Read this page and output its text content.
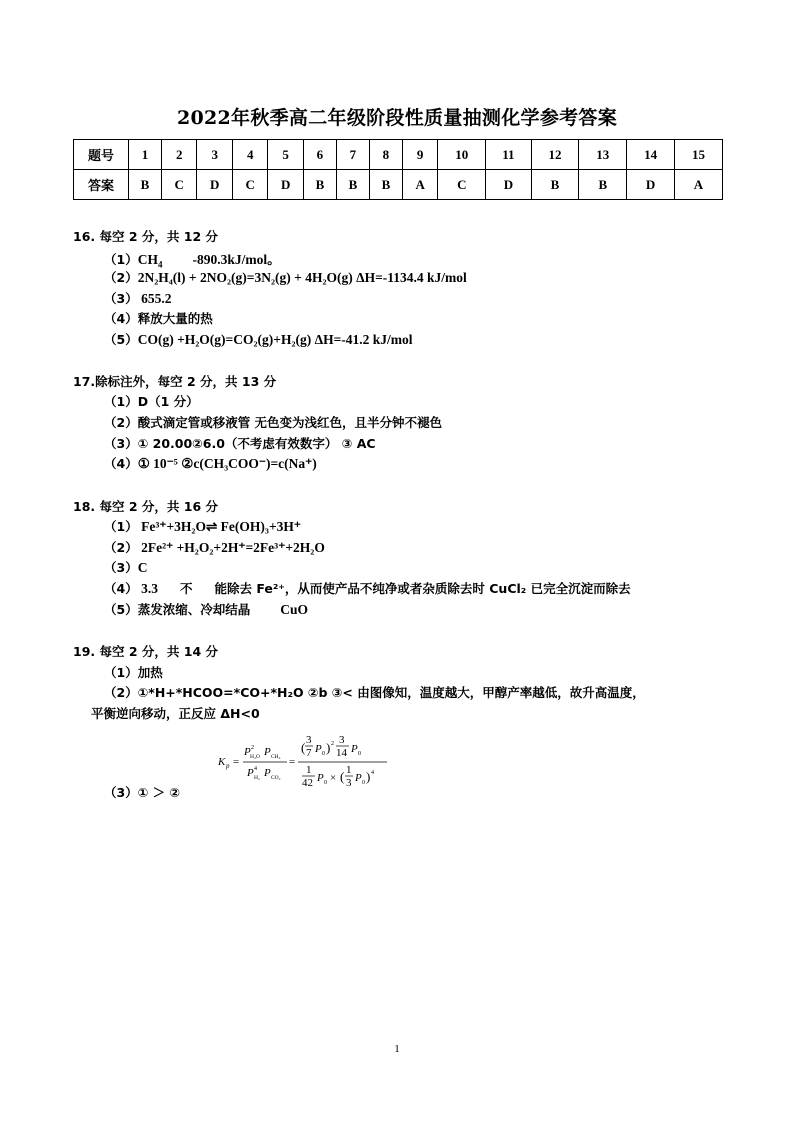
2022年秋季高二年级阶段性质量抽测化学参考答案
题号	1	2	3	4	5	6	7	8	9	10	11	12	13	14	15
答案	B	C	D	C	D	B	B	B	A	C	D	B	B	D	A
16. 每空 2 分，共 12 分
$(1)CH_4$ -890.3kJ/mol。
（2）2N₂H₄(l) + 2NO₂(g)=3N₂(g) + 4H₂O(g) ΔH=-1134.4 kJ/mol
（3） 655.2
（4）释放大量的热
（5）CO(g) +H₂O(g)=CO₂(g)+H₂(g) ΔH=-41.2 kJ/mol
17.除标注外，每空 2 分，共 13 分
（1）D（1 分）
（2）酸式滴定管或移液管 无色变为浅红色，且半分钟不褪色
（3）① 20.00②6.0（不考虑有效数字） ③ AC
（4）① 10⁻⁵ ②c(CH₃COO⁻)=c(Na⁺)
18. 每空 2 分，共 16 分
（1） Fe³⁺+3H₂O⇌ Fe(OH)₃+3H⁺
（2） 2Fe²⁺ +H₂O₂+2H⁺=2Fe³⁺+2H₂O
（3）C
（4） 3.3 不 能除去 Fe²⁺，从而使产品不纯净或者杂质除去时 CuCl₂ 已完全沉淀而除去
（5）蒸发浓缩、冷却结晶 CuO
19. 每空 2 分，共 14 分
（1）加热
（2）①*H+*HCOO=*CO+*H₂O ②b ③< 由图像知，温度越大，甲醇产率越低，故升高温度，
平衡逆向移动，正反应 ΔH<0
K p =
P 2
H₂O P CH₄
P 4
H₂ P CO₂
=
( 3
7 P 0 ) 2 3
14 P 0
1
42 P 0 × ( 1
3 P 0 ) 4
（3）① ＞ ②
1
